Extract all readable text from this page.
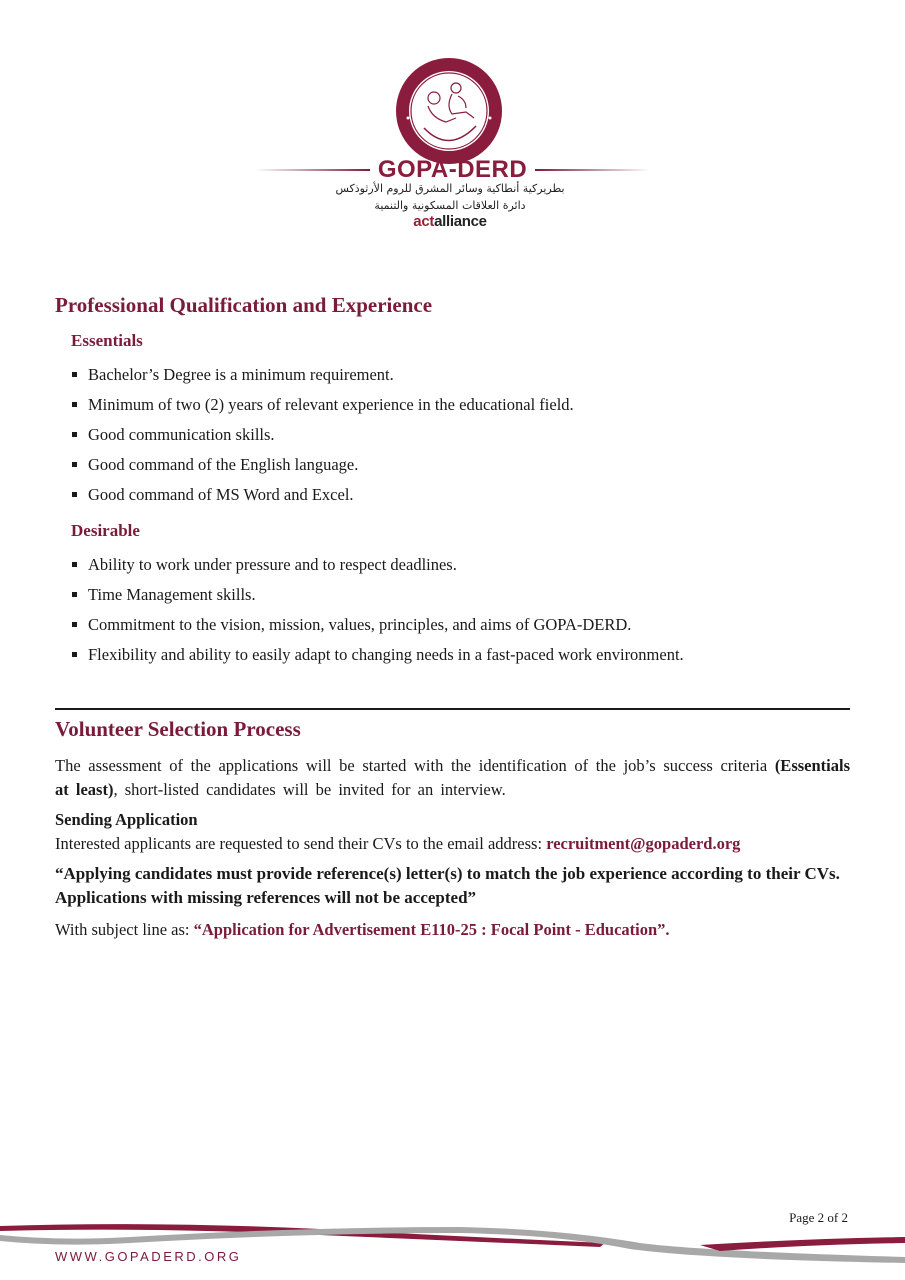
GOPA-DERD
بطريركية أنطاكية وسائر المشرق للروم الأرثوذكس
دائرة العلاقات المسكونية والتنمية
actalliance
Professional Qualification and Experience
Essentials
Bachelor’s Degree is a minimum requirement.
Minimum of two (2) years of relevant experience in the educational field.
Good communication skills.
Good command of the English language.
Good command of MS Word and Excel.
Desirable
Ability to work under pressure and to respect deadlines.
Time Management skills.
Commitment to the vision, mission, values, principles, and aims of GOPA-DERD.
Flexibility and ability to easily adapt to changing needs in a fast-paced work environment.
Volunteer Selection Process

The assessment of the applications will be started with the identification of the job’s success criteria (Essentials at least), short-listed candidates will be invited for an interview.

Sending Application
Interested applicants are requested to send their CVs to the email address: recruitment@gopaderd.org
“Applying candidates must provide reference(s) letter(s) to match the job experience according to their CVs. Applications with missing references will not be accepted”
With subject line as: “Application for Advertisement E110-25 : Focal Point - Education”.
Page 2 of 2
WWW.GOPADERD.ORG
